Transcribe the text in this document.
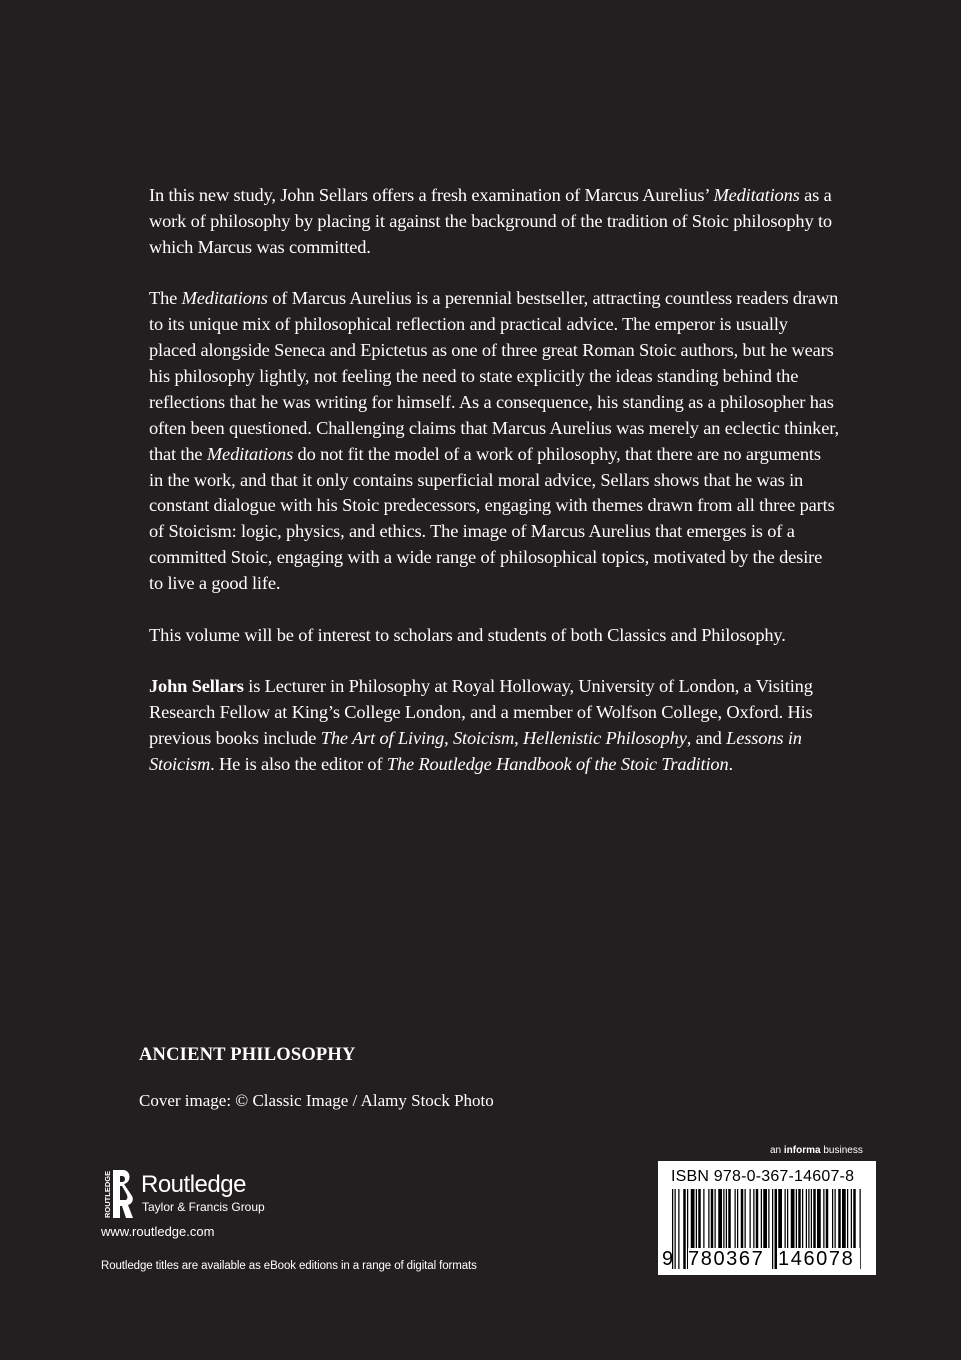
In this new study, John Sellars offers a fresh examination of Marcus Aurelius’ Meditations as a work of philosophy by placing it against the background of the tradition of Stoic philosophy to which Marcus was committed.

The Meditations of Marcus Aurelius is a perennial bestseller, attracting countless readers drawn to its unique mix of philosophical reflection and practical advice. The emperor is usually placed alongside Seneca and Epictetus as one of three great Roman Stoic authors, but he wears his philosophy lightly, not feeling the need to state explicitly the ideas standing behind the reflections that he was writing for himself. As a consequence, his standing as a philosopher has often been questioned. Challenging claims that Marcus Aurelius was merely an eclectic thinker, that the Meditations do not fit the model of a work of philosophy, that there are no arguments in the work, and that it only contains superficial moral advice, Sellars shows that he was in constant dialogue with his Stoic predecessors, engaging with themes drawn from all three parts of Stoicism: logic, physics, and ethics. The image of Marcus Aurelius that emerges is of a committed Stoic, engaging with a wide range of philosophical topics, motivated by the desire to live a good life.

This volume will be of interest to scholars and students of both Classics and Philosophy.

John Sellars is Lecturer in Philosophy at Royal Holloway, University of London, a Visiting Research Fellow at King’s College London, and a member of Wolfson College, Oxford. His previous books include The Art of Living, Stoicism, Hellenistic Philosophy, and Lessons in Stoicism. He is also the editor of The Routledge Handbook of the Stoic Tradition.

ANCIENT PHILOSOPHY
Cover image: © Classic Image / Alamy Stock Photo
ROUTLEDGE Routledge
Taylor & Francis Group
www.routledge.com
Routledge titles are available as eBook editions in a range of digital formats
an informa business
ISBN 978-0-367-14607-8
9 780367 146078
